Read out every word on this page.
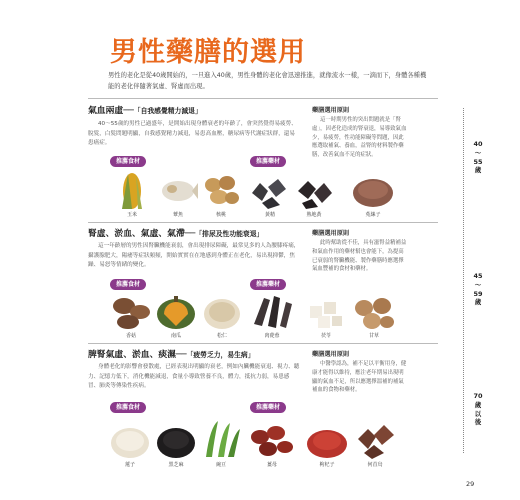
男性藥膳的選用
男性的老化是從40歲開始的，一旦進入40歲，男性身體的老化會迅速推進，就像流水一樣，一滴而下，身體各種機能的老化伴隨著氣虛、腎虛而出現。
氣血兩虛──「自我感覺精力減退」
40～55歲的男性已過盛年，是開始出現身體衰老的年齡了，會突然覺得易疲勞、脫髮，白髮問題明顯，自我感覺精力減退，易患高血壓，糖尿病等代謝症狀群，還易患癌症。
藥膳選用原則
這一時期男性的突出問題就是「腎虛」，因老化造成的腎衰退，易導致氣血少，易疲勞，性功能障礙等問題，因此應選取補氣、養血，益腎的材料製作藥膳，改善氣血不足的症狀。
推薦食材	推薦藥材
玉米	蕈魚	核桃	黃精	熟地黃	菟絲子
腎虛、淤血、氣虛、氣滯──「排尿及性功能衰退」
這一年齡層的男性因腎臟機能衰弱，會出現排尿障礙，最常見多的人為腰膝疼痛，攝護腺肥大，陽痿等症狀頻頻，開始實實在在地感到身體正在老化，易出現抑鬱，焦躁、易怒等情緒的變化。
藥膳選用原則
此時幫助從不佳，具有滋腎益精補益和氣血作用的藥材幫也會能下，為提高已衰弱的腎臟機能、製作藥膳時應選擇氣血豐補的食材和藥材。
推薦食材	推薦藥材
香菇	南瓜	松仁	肉蓯蓉	茯苓	甘草
脾腎氣虛、淤血、痰濕──「疲勞乏力，易生病」
身體老化的影響會發散處，已經表現出明顯的衰老，例如內臟機能衰退、視力、聽力、記憶力低下，消化機能減退，食量小導致營養不良，體力，抵抗力弱，易患感冒、肺炎等傳染性疾病。
藥膳選用原則
中醫學認為，補不足以平衡用身，健康才能得以維持，應注老年期易出現明顯的氣血不足，所以應選擇溫補的補氣補血的食物和藥材。
推薦食材	推薦藥材
蓮子	黑芝麻	豌豆	薑母	枸杞子	何首烏
40
～
55
歲
45
～
59
歲
70
歲
以
後
29
